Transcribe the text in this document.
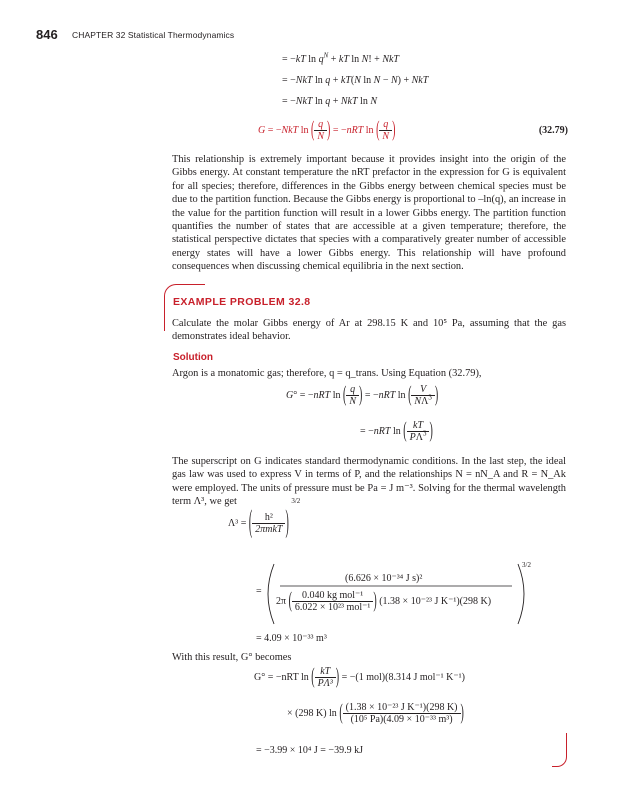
846 CHAPTER 32 Statistical Thermodynamics
= −kT $\ln q^N$ + kT ln N! + NkT
= −NkT ln q + kT(N ln N − N) + NkT
= −NkT ln q + NkT ln N
G = −NkT ln ( $\frac{q}{N}$ ) = −nRT ln ( $\frac{q}{N}$ )	(32.79)

This relationship is extremely important because it provides insight into the origin of the Gibbs energy. At constant temperature the nRT prefactor in the expression for G is equivalent for all species; therefore, differences in the Gibbs energy between chemical species must be due to the partition function. Because the Gibbs energy is proportional to –ln(q), an increase in the value for the partition function will result in a lower Gibbs energy. The partition function quantifies the number of states that are accessible at a given temperature; therefore, the statistical perspective dictates that species with a comparatively greater number of accessible energy states will have a lower Gibbs energy. This relationship will have profound consequences when discussing chemical equilibria in the next section.

EXAMPLE PROBLEM 32.8

Calculate the molar Gibbs energy of Ar at 298.15 K and 10⁵ Pa, assuming that the gas demonstrates ideal behavior.

Solution

Argon is a monatomic gas; therefore, q = q_trans. Using Equation (32.79),

G° = −nRT ln ( $\frac{q}{N}$ ) = −nRT ln ( $\frac{V}{N\Lambda^3}$ )
= −nRT ln ( $\frac{kT}{P\Lambda^3}$ )

The superscript on G indicates standard thermodynamic conditions. In the last step, the ideal gas law was used to express V in terms of P, and the relationships N = nN_A and R = N_Ak were employed. The units of pressure must be Pa = J m⁻³. Solving for the thermal wavelength term Λ³, we get

Λ³ = ( $\frac{\text{h²}}{\text{2πmkT}}$ ) $^{3/2}$
=
3/2
(6.626 × 10⁻³⁴ J s)²
2π ( $\frac{\text{0.040 kg mol⁻¹}}{\text{6.022 × 10²³ mol⁻¹}}$ ) (1.38 × 10⁻²³ J K⁻¹)(298 K)
= 4.09 × 10⁻³³ m³
With this result, G° becomes
G° = −nRT ln ( $\frac{kT}{\text{PΛ³}}$ ) = −(1 mol)(8.314 J mol⁻¹ K⁻¹)
× (298 K) ln ( $\frac{\text{(1.38 × 10⁻²³ J K⁻¹)(298 K)}}{\text{(10⁵ Pa)(4.09 × 10⁻³³ m³)}}$ )
= −3.99 × 10⁴ J = −39.9 kJ
